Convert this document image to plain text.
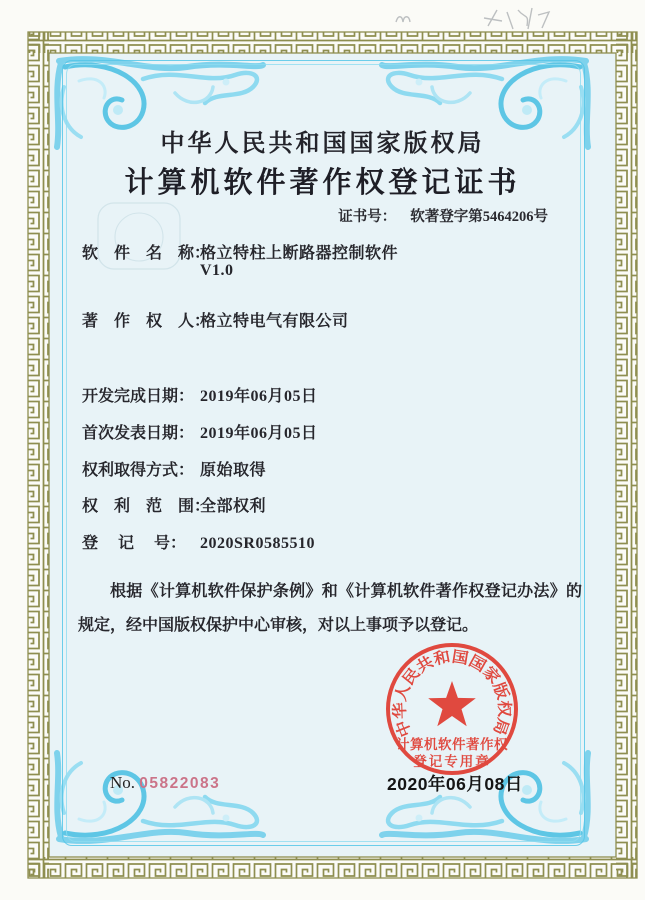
中华人民共和国国家版权局
计算机软件著作权登记证书
证书号： 软著登字第5464206号
软　件　名　称：格立特柱上断路器控制软件
V1.0
著　作　权　人：格立特电气有限公司
开发完成日期： 2019年06月05日
首次发表日期： 2019年06月05日
权利取得方式： 原始取得
权　利　范　围：全部权利
登　 记　 号： 2020SR0585510
根据《计算机软件保护条例》和《计算机软件著作权登记办法》的规定，经中国版权保护中心审核，对以上事项予以登记。
No. 05822083
中华人民共和国国家版权局
计算机软件著作权
登记专用章
2020年06月08日
